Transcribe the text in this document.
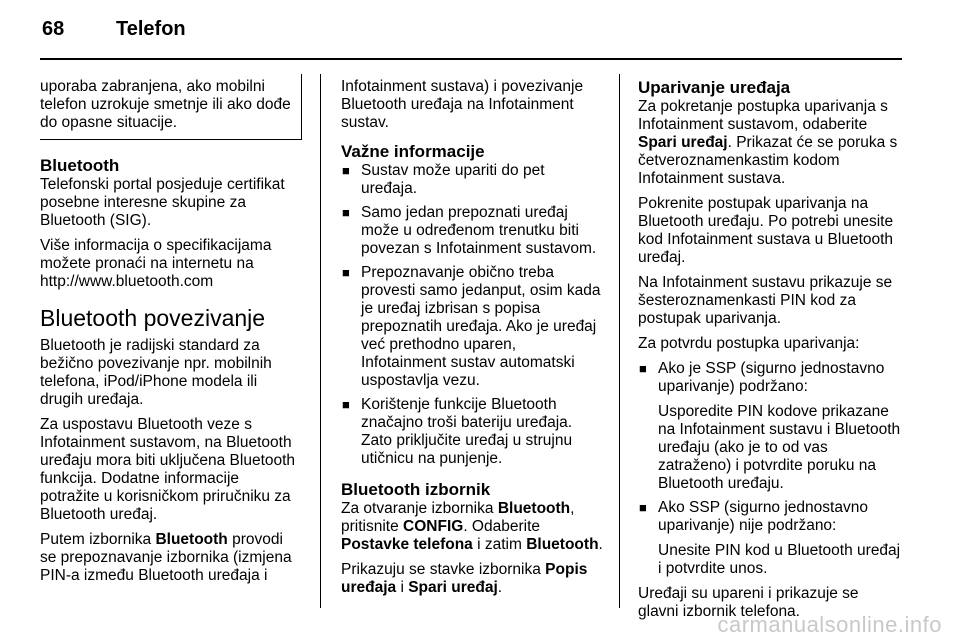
68	Telefon
uporaba zabranjena, ako mobilni telefon uzrokuje smetnje ili ako dođe do opasne situacije.
Bluetooth

Telefonski portal posjeduje certifikat posebne interesne skupine za Bluetooth (SIG).

Više informacija o specifikacijama možete pronaći na internetu na http://www.bluetooth.com

Bluetooth povezivanje

Bluetooth je radijski standard za bežično povezivanje npr. mobilnih telefona, iPod/iPhone modela ili drugih uređaja.

Za uspostavu Bluetooth veze s Infotainment sustavom, na Bluetooth uređaju mora biti uključena Bluetooth funkcija. Dodatne informacije potražite u korisničkom priručniku za Bluetooth uređaj.

Putem izbornika Bluetooth provodi se prepoznavanje izbornika (izmjena PIN-a između Bluetooth uređaja i

Infotainment sustava) i povezivanje Bluetooth uređaja na Infotainment sustav.

Važne informacije
■ Sustav može upariti do pet uređaja.
■ Samo jedan prepoznati uređaj može u određenom trenutku biti povezan s Infotainment sustavom.
■ Prepoznavanje obično treba provesti samo jedanput, osim kada je uređaj izbrisan s popisa prepoznatih uređaja. Ako je uređaj već prethodno uparen, Infotainment sustav automatski uspostavlja vezu.
■ Korištenje funkcije Bluetooth značajno troši bateriju uređaja. Zato priključite uređaj u strujnu utičnicu na punjenje.
Bluetooth izbornik

Za otvaranje izbornika Bluetooth, pritisnite CONFIG. Odaberite Postavke telefona i zatim Bluetooth.

Prikazuju se stavke izbornika Popis uređaja i Spari uređaj.

Uparivanje uređaja

Za pokretanje postupka uparivanja s Infotainment sustavom, odaberite Spari uređaj. Prikazat će se poruka s četveroznamenkastim kodom Infotainment sustava.

Pokrenite postupak uparivanja na Bluetooth uređaju. Po potrebi unesite kod Infotainment sustava u Bluetooth uređaj.

Na Infotainment sustavu prikazuje se šesteroznamenkasti PIN kod za postupak uparivanja.

Za potvrdu postupka uparivanja:

■ Ako je SSP (sigurno jednostavno uparivanje) podržano:
Usporedite PIN kodove prikazane na Infotainment sustavu i Bluetooth uređaju (ako je to od vas zatraženo) i potvrdite poruku na Bluetooth uređaju.
■ Ako SSP (sigurno jednostavno uparivanje) nije podržano:
Unesite PIN kod u Bluetooth uređaj i potvrdite unos.

Uređaji su upareni i prikazuje se glavni izbornik telefona.

carmanualsonline.info
